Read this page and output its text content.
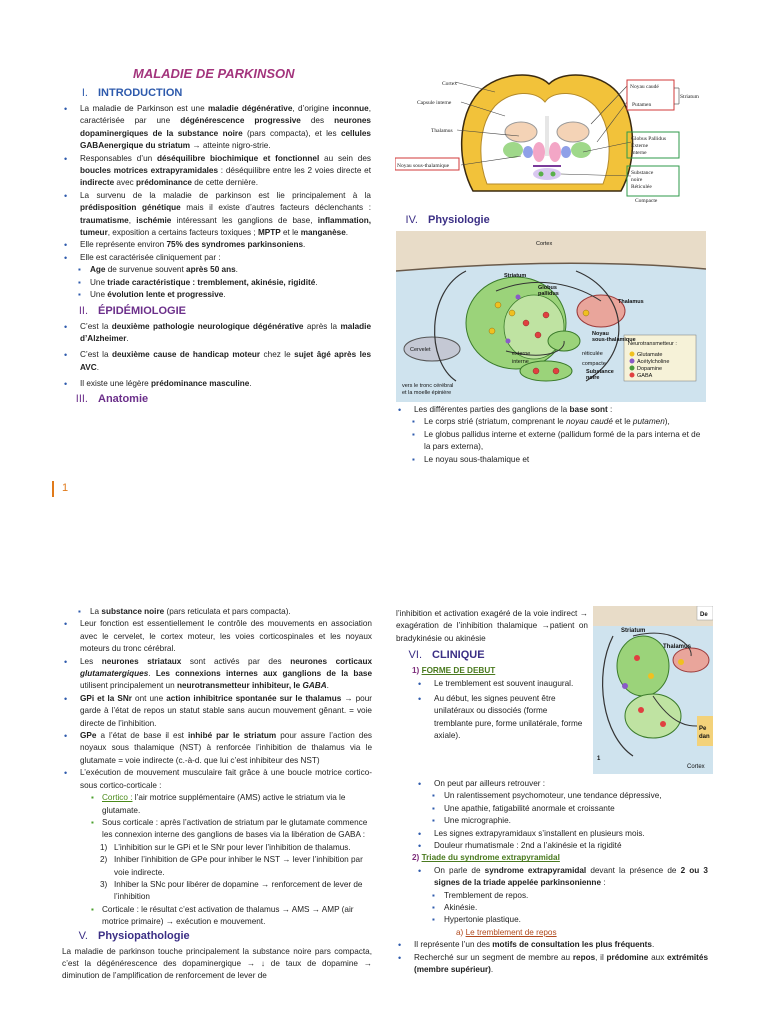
MALADIE DE PARKINSON
I. INTRODUCTION
• La maladie de Parkinson est une maladie dégénérative, d’origine inconnue, caractérisée par une dégénérescence progressive des neurones dopaminergiques de la substance noire (pars compacta), et les cellules GABAenergique du striatum → atteinte nigro-strie.
• Responsables d’un déséquilibre biochimique et fonctionnel au sein des boucles motrices extrapyramidales : déséquilibre entre les 2 voies directe et indirecte avec prédominance de cette dernière.
• La survenu de la maladie de parkinson est lie principalement à la prédisposition génétique mais il existe d’autres facteurs déclenchants : traumatisme, ischémie intéressant les ganglions de base, inflammation, tumeur, exposition a certains facteurs toxiques ; MPTP et le manganèse.
• Elle représente environ 75% des syndromes parkinsoniens.
• Elle est caractérisée cliniquement par :
▪ Age de survenue souvent après 50 ans.
▪ Une triade caractéristique : tremblement, akinésie, rigidité.
▪ Une évolution lente et progressive.
II. ÉPIDÉMIOLOGIE
• C’est la deuxième pathologie neurologique dégénérative après la maladie d’Alzheimer.
• C’est la deuxième cause de handicap moteur chez le sujet âgé après les AVC.
• Il existe une légère prédominance masculine.
III. Anatomie
Cortex
Capsule interne
Thalamus
Noyau sous-thalamique
Noyau caudé
Putamen
Striatum
Globus Pallidus
Externe
Interne
Substance
noire
Réticulée
Compacte
IV. Physiologie
Cortex
Striatum
Globus
pallidus
Thalamus
Noyau
sous-thalamique
Cervelet
réticulée
compacte
Substance
noire
externe
interne
vers le tronc cérébral
et la moelle épinière
Neurotransmetteur :
Glutamate
Acétylcholine
Dopamine
GABA
• Les différentes parties des ganglions de la base sont :
▪ Le corps strié (striatum, comprenant le noyau caudé et le putamen),
▪ Le globus pallidus interne et externe (pallidum formé de la pars interna et de la pars externa),
▪ Le noyau sous-thalamique et
1
▪ La substance noire (pars reticulata et pars compacta).
• Leur fonction est essentiellement le contrôle des mouvements en association avec le cervelet, le cortex moteur, les voies corticospinales et les noyaux moteurs du tronc cérébral.
• Les neurones striataux sont activés par des neurones corticaux glutamatergiques. Les connexions internes aux ganglions de la base utilisent principalement un neurotransmetteur inhibiteur, le GABA.
• GPi et la SNr ont une action inhibitrice spontanée sur le thalamus → pour garde à l’état de repos un statut stable sans aucun mouvement gênant. = voie directe de l’inhibition.
• GPe a l’état de base il est inhibé par le striatum pour assure l’action des noyaux sous thalamique (NST) à renforcée l’inhibition de thalamus via le glutamate = voie indirecte (c.-à-d. que lui c’est inhibiteur des NST)
• L’exécution de mouvement musculaire fait grâce à une boucle motrice cortico-sous cortico-corticale :
▪ Cortico : l’air motrice supplémentaire (AMS) active le striatum via le glutamate.
▪ Sous corticale : après l’activation de striatum par le glutamate commence les connexion interne des ganglions de bases via la libération de GABA :
1) L’inhibition sur le GPi et le SNr pour lever l’inhibition de thalamus.
2) Inhiber l’inhibition de GPe pour inhiber le NST → lever l’inhibition par voie indirecte.
3) Inhiber la SNc pour libérer de dopamine → renforcement de lever de l’inhibition
▪ Corticale : le résultat c’est activation de thalamus → AMS → AMP (air motrice primaire) → exécution e mouvement.
V. Physiopathologie

La maladie de parkinson touche principalement la substance noire pars compacta, c’est la dégénérescence des dopaminergique → ↓ de taux de dopamine → diminution de l’amplification de renforcement de lever de

l’inhibition et activation exagéré de la voie indirect → exagération de l’inhibition thalamique →patient on bradykinésie ou akinésie

VI. CLINIQUE
1) FORME DE DEBUT
• Le tremblement est souvent inaugural.
• Au début, les signes peuvent être unilatéraux ou dissociés (forme tremblante pure, forme unilatérale, forme axiale).
Striatum
Thalamus
Pe
dan
1
De
Cortex
• On peut par ailleurs retrouver :
▪ Un ralentissement psychomoteur, une tendance dépressive,
▪ Une apathie, fatigabilité anormale et croissante
▪ Une micrographie.
• Les signes extrapyramidaux s’installent en plusieurs mois.
• Douleur rhumatismale : 2nd a l’akinésie et la rigidité
2) Triade du syndrome extrapyramidal
• On parle de syndrome extrapyramidal devant la présence de 2 ou 3 signes de la triade appelée parkinsonienne :
▪ Tremblement de repos.
▪ Akinésie.
▪ Hypertonie plastique.
a) Le tremblement de repos
• Il représente l’un des motifs de consultation les plus fréquents.
• Recherché sur un segment de membre au repos, il prédomine aux extrémités (membre supérieur).
